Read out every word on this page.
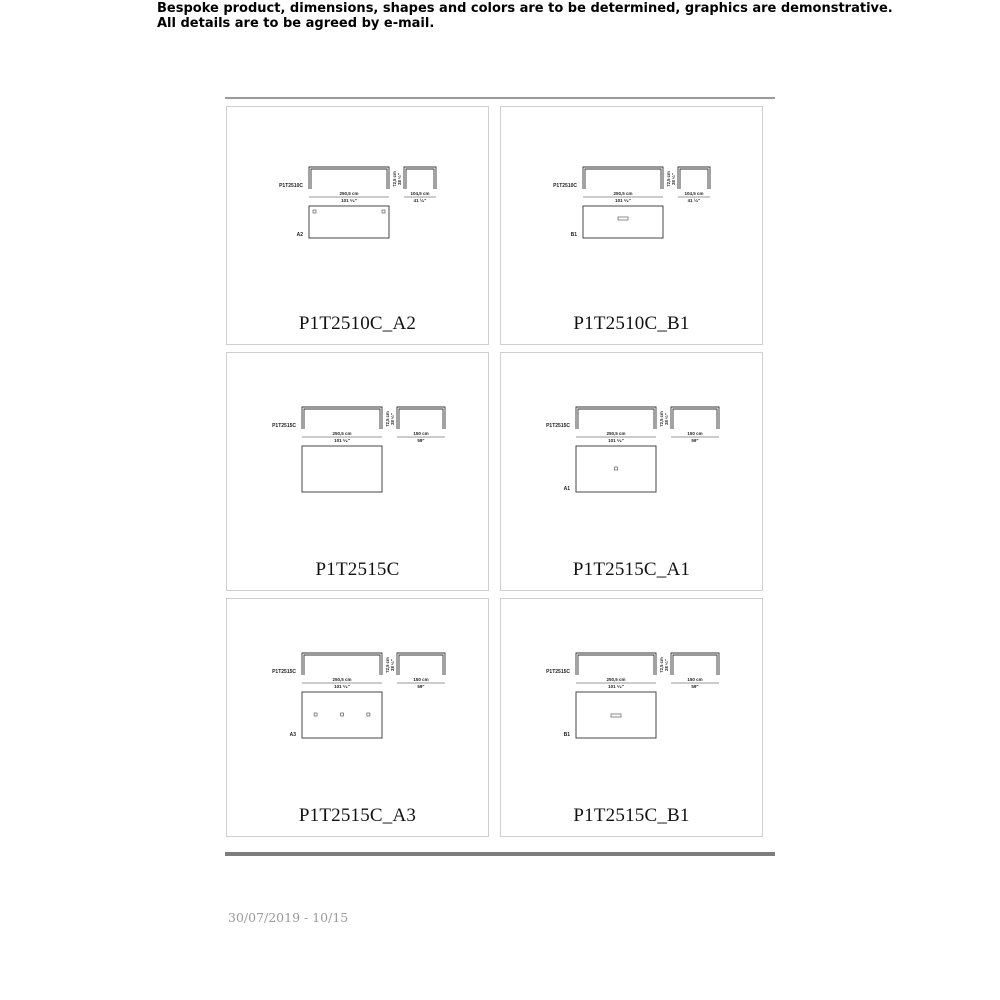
Bespoke product, dimensions, shapes and colors are to be determined, graphics are demonstrative.
All details are to be agreed by e-mail.
P1T2510C	72,5 cm 28 ¹⁄₂"
250,5 cm
101 ⁵⁄₈"
104,5 cm
41 ¹⁄₈"
A2
P1T2510C_A2
P1T2510C	72,5 cm 28 ¹⁄₂"
250,5 cm
101 ⁵⁄₈"
104,5 cm
41 ¹⁄₈"
B1
P1T2510C_B1
P1T2515C	72,5 cm 28 ¹⁄₂"
250,5 cm
101 ⁵⁄₈"
150 cm
59"
P1T2515C
P1T2515C	72,5 cm 28 ¹⁄₂"
250,5 cm
101 ⁵⁄₈"
150 cm
59"
A1
P1T2515C_A1
P1T2515C	72,5 cm 28 ¹⁄₂"
250,5 cm
101 ⁵⁄₈"
150 cm
59"
A3
P1T2515C_A3
P1T2515C	72,5 cm 28 ¹⁄₂"
250,5 cm
101 ⁵⁄₈"
150 cm
59"
B1
P1T2515C_B1
30/07/2019 - 10/15
